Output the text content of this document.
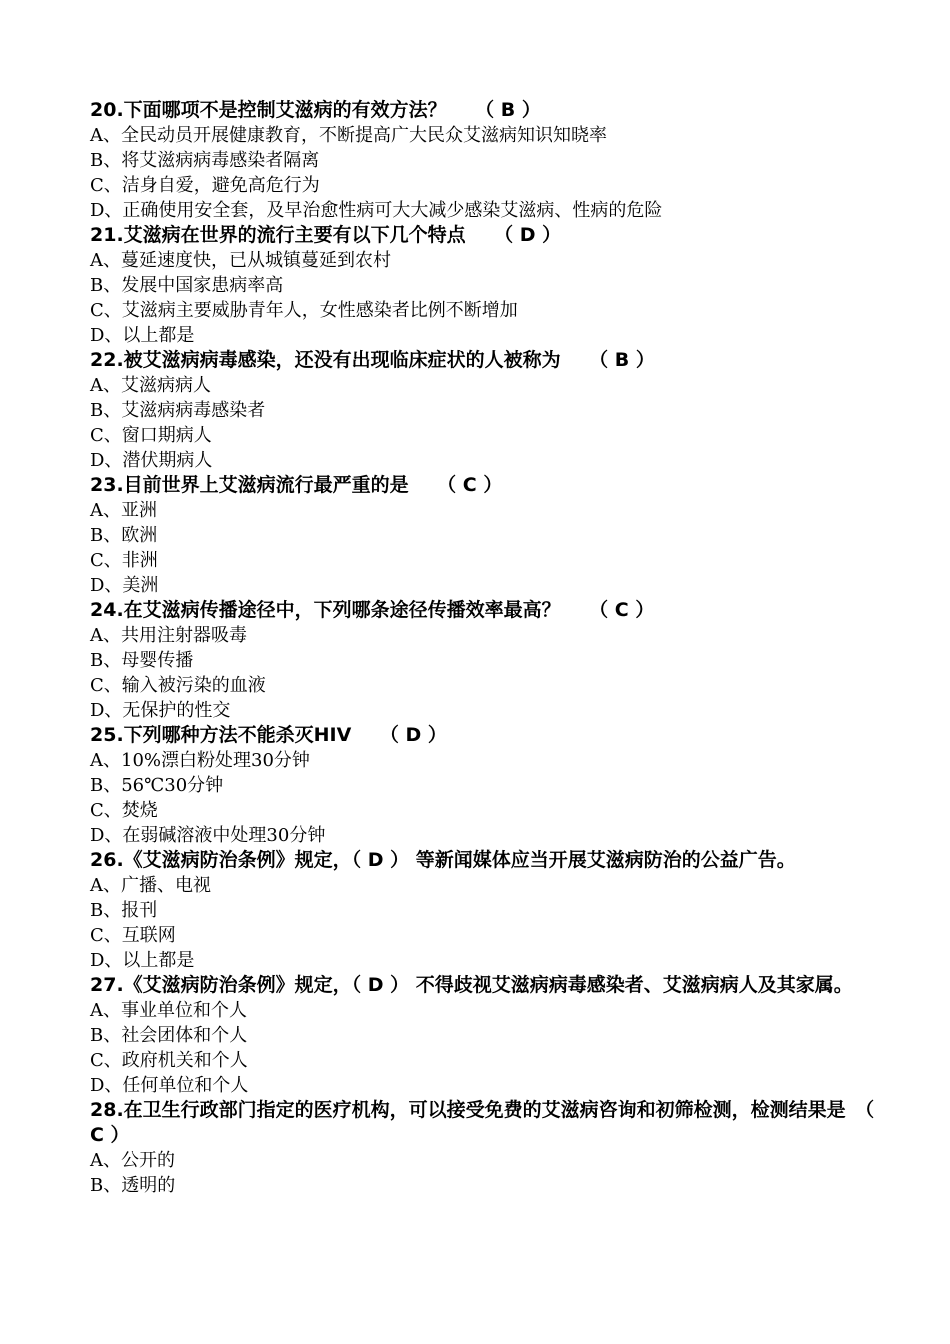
20.下面哪项不是控制艾滋病的有效方法？　　（ B ）

A、全民动员开展健康教育，不断提高广大民众艾滋病知识知晓率

B、将艾滋病病毒感染者隔离

C、洁身自爱，避免高危行为

D、正确使用安全套，及早治愈性病可大大减少感染艾滋病、性病的危险

21.艾滋病在世界的流行主要有以下几个特点　　（ D ）

A、蔓延速度快，已从城镇蔓延到农村

B、发展中国家患病率高

C、艾滋病主要威胁青年人，女性感染者比例不断增加

D、以上都是

22.被艾滋病病毒感染，还没有出现临床症状的人被称为　　（ B ）

A、艾滋病病人

B、艾滋病病毒感染者

C、窗口期病人

D、潜伏期病人

23.目前世界上艾滋病流行最严重的是　　（ C ）

A、亚洲

B、欧洲

C、非洲

D、美洲

24.在艾滋病传播途径中，下列哪条途径传播效率最高？　　（ C ）

A、共用注射器吸毒

B、母婴传播

C、输入被污染的血液

D、无保护的性交

25.下列哪种方法不能杀灭HIV　　（ D ）

A、10%漂白粉处理30分钟

B、56℃30分钟

C、焚烧

D、在弱碱溶液中处理30分钟

26.《艾滋病防治条例》规定，（ D ） 等新闻媒体应当开展艾滋病防治的公益广告。

A、广播、电视

B、报刊

C、互联网

D、以上都是

27.《艾滋病防治条例》规定，（ D ） 不得歧视艾滋病病毒感染者、艾滋病病人及其家属。

A、事业单位和个人

B、社会团体和个人

C、政府机关和个人

D、任何单位和个人

28.在卫生行政部门指定的医疗机构，可以接受免费的艾滋病咨询和初筛检测，检测结果是　（ C ）

A、公开的

B、透明的
